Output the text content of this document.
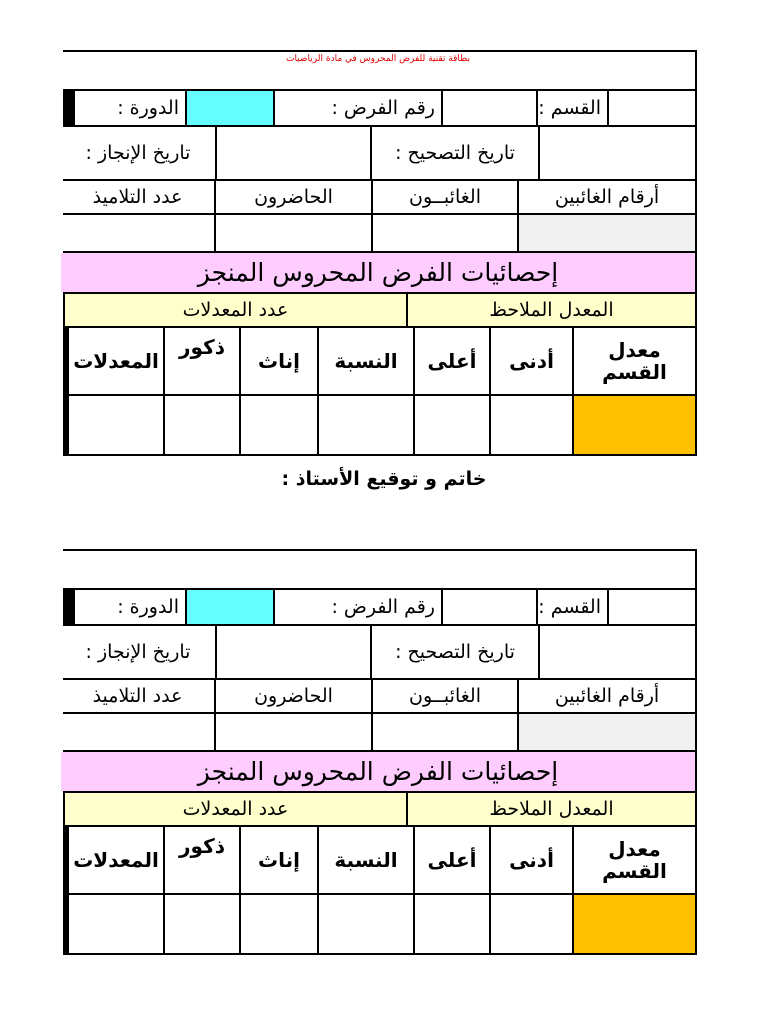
بطاقة تقنية للفرض المحروس في مادة الرياضيات
القسم :
رقم الفرض :
الدورة :
تاريخ التصحيح :
تاريخ الإنجاز :
أرقام الغائبين
الغائبــون
الحاضرون
عدد التلاميذ
إحصائيات الفرض المحروس المنجز
المعدل الملاحظ
عدد المعدلات
معدل القسم
أدنى
أعلى
النسبة
إناث
ذكور
المعدلات
خاتم و توقيع الأستاذ :
القسم :
رقم الفرض :
الدورة :
تاريخ التصحيح :
تاريخ الإنجاز :
أرقام الغائبين
الغائبــون
الحاضرون
عدد التلاميذ
إحصائيات الفرض المحروس المنجز
المعدل الملاحظ
عدد المعدلات
معدل القسم
أدنى
أعلى
النسبة
إناث
ذكور
المعدلات
